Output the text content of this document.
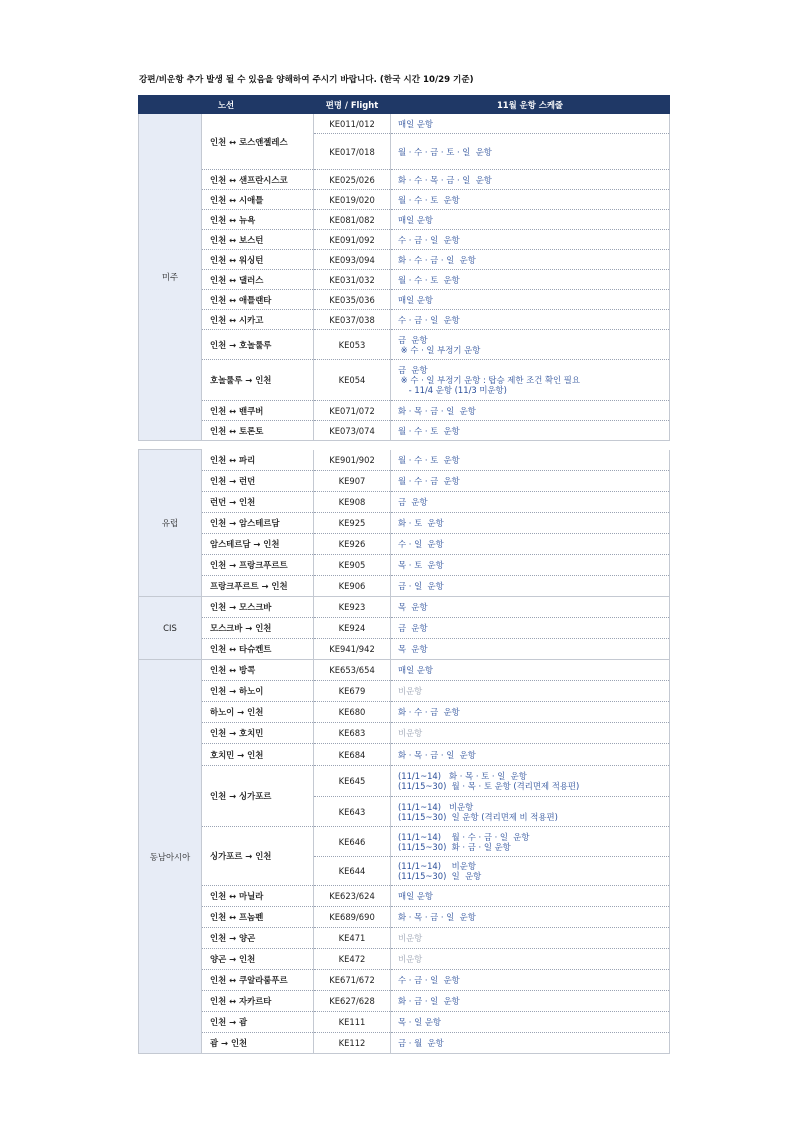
강편/비운항 추가 발생 될 수 있음을 양해하여 주시기 바랍니다. (한국 시간 10/29 기준)
노선		편명 / Flight	11월 운항 스케줄
미주	인천 ↔ 로스앤젤레스	KE011/012	매일 운항
		KE017/018	월 · 수 · 금 · 토 · 일  운항
	인천 ↔ 샌프란시스코	KE025/026	화 · 수 · 목 · 금 · 일  운항
	인천 ↔ 시애틀	KE019/020	월 · 수 · 토  운항
	인천 ↔ 뉴욕	KE081/082	매일 운항
	인천 ↔ 보스턴	KE091/092	수 · 금 · 일  운항
	인천 ↔ 워싱턴	KE093/094	화 · 수 · 금 · 일  운항
	인천 ↔ 댈러스	KE031/032	월 · 수 · 토  운항
	인천 ↔ 애틀랜타	KE035/036	매일 운항
	인천 ↔ 시카고	KE037/038	수 · 금 · 일  운항
	인천 → 호놀룰루	KE053	금  운항
※ 수 · 일 부정기 운항
	호놀룰루 → 인천	KE054	금  운항
※ 수 · 일 부정기 운항 : 탑승 제한 조건 확인 필요
- 11/4 운항 (11/3 미운항)
	인천 ↔ 밴쿠버	KE071/072	화 · 목 · 금 · 일  운항
	인천 ↔ 토론토	KE073/074	월 · 수 · 토  운항
유럽	인천 ↔ 파리	KE901/902	월 · 수 · 토  운항
	인천 → 런던	KE907	월 · 수 · 금  운항
	런던 → 인천	KE908	금  운항
	인천 → 암스테르담	KE925	화 · 토  운항
	암스테르담 → 인천	KE926	수 · 일  운항
	인천 → 프랑크푸르트	KE905	목 · 토  운항
	프랑크푸르트 → 인천	KE906	금 · 일  운항
CIS	인천 → 모스크바	KE923	목  운항
	모스크바 → 인천	KE924	금  운항
	인천 ↔ 타슈켄트	KE941/942	목  운항
동남아시아	인천 ↔ 방콕	KE653/654	매일 운항
	인천 → 하노이	KE679	비운항
	하노이 → 인천	KE680	화 · 수 · 금  운항
	인천 → 호치민	KE683	비운항
	호치민 → 인천	KE684	화 · 목 · 금 · 일  운항
	인천 → 싱가포르	KE645	(11/1~14)   화 · 목 · 토 · 일  운항
(11/15~30)  월 · 목 · 토 운항 (격리면제 적용편)
		KE643	(11/1~14)   비운항
(11/15~30)  일 운항 (격리면제 비 적용편)
	싱가포르 → 인천	KE646	(11/1~14)    월 · 수 · 금 · 일  운항
(11/15~30)  화 · 금 · 일 운항
		KE644	(11/1~14)    비운항
(11/15~30)  일  운항
	인천 ↔ 마닐라	KE623/624	매일 운항
	인천 ↔ 프놈펜	KE689/690	화 · 목 · 금 · 일  운항
	인천 → 양곤	KE471	비운항
	양곤 → 인천	KE472	비운항
	인천 ↔ 쿠알라룸푸르	KE671/672	수 · 금 · 일  운항
	인천 ↔ 자카르타	KE627/628	화 · 금 · 일  운항
	인천 → 괌	KE111	목 · 일 운항
	괌 → 인천	KE112	금 · 월  운항
